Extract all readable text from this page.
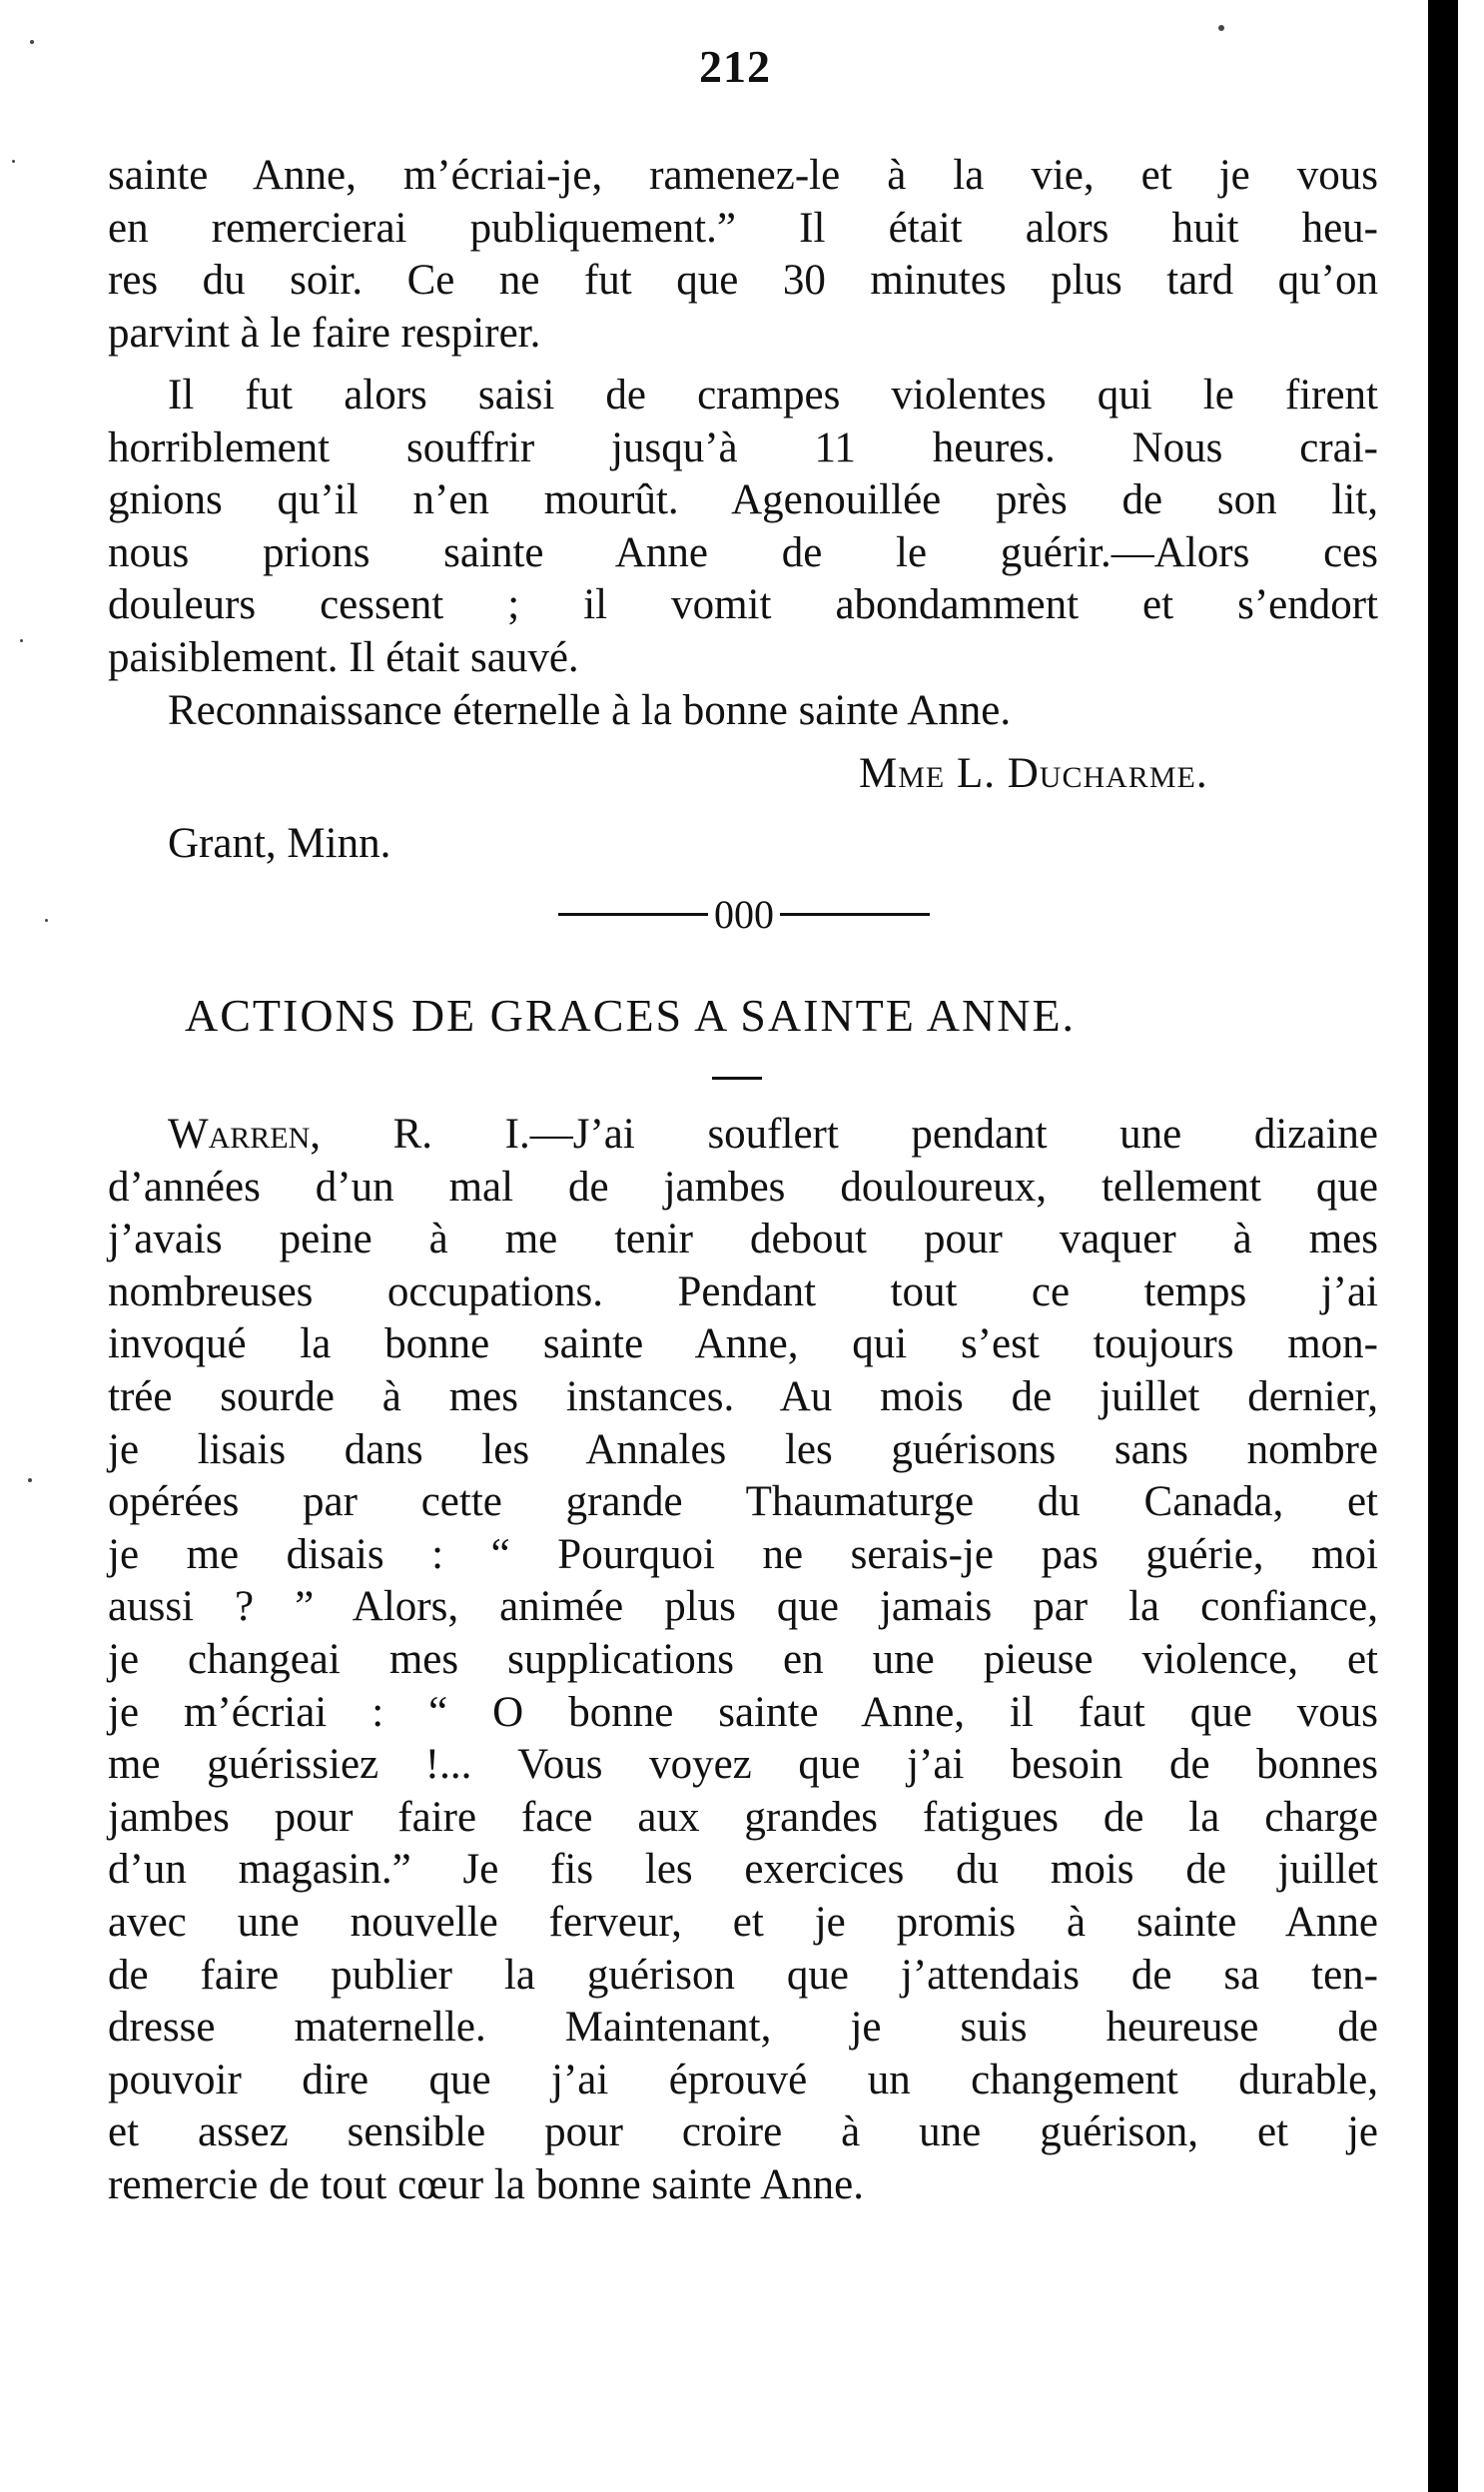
212
sainte Anne, m’écriai-je, ramenez-le à la vie, et je vous
en remercierai publiquement.” Il était alors huit heu-
res du soir. Ce ne fut que 30 minutes plus tard qu’on
parvint à le faire respirer.
Il fut alors saisi de crampes violentes qui le firent
horriblement souffrir jusqu’à 11 heures. Nous crai-
gnions qu’il n’en mourût. Agenouillée près de son lit,
nous prions sainte Anne de le guérir.—Alors ces
douleurs cessent ; il vomit abondamment et s’endort
paisiblement. Il était sauvé.
Reconnaissance éternelle à la bonne sainte Anne.
Mme L. Ducharme.
Grant, Minn.
000
ACTIONS DE GRACES A SAINTE ANNE.
Warren, R. I.—J’ai souflert pendant une dizaine
d’années d’un mal de jambes douloureux, tellement que
j’avais peine à me tenir debout pour vaquer à mes
nombreuses occupations. Pendant tout ce temps j’ai
invoqué la bonne sainte Anne, qui s’est toujours mon-
trée sourde à mes instances. Au mois de juillet dernier,
je lisais dans les Annales les guérisons sans nombre
opérées par cette grande Thaumaturge du Canada, et
je me disais : “ Pourquoi ne serais-je pas guérie, moi
aussi ? ” Alors, animée plus que jamais par la confiance,
je changeai mes supplications en une pieuse violence, et
je m’écriai : “ O bonne sainte Anne, il faut que vous
me guérissiez !... Vous voyez que j’ai besoin de bonnes
jambes pour faire face aux grandes fatigues de la charge
d’un magasin.” Je fis les exercices du mois de juillet
avec une nouvelle ferveur, et je promis à sainte Anne
de faire publier la guérison que j’attendais de sa ten-
dresse maternelle. Maintenant, je suis heureuse de
pouvoir dire que j’ai éprouvé un changement durable,
et assez sensible pour croire à une guérison, et je
remercie de tout cœur la bonne sainte Anne.
